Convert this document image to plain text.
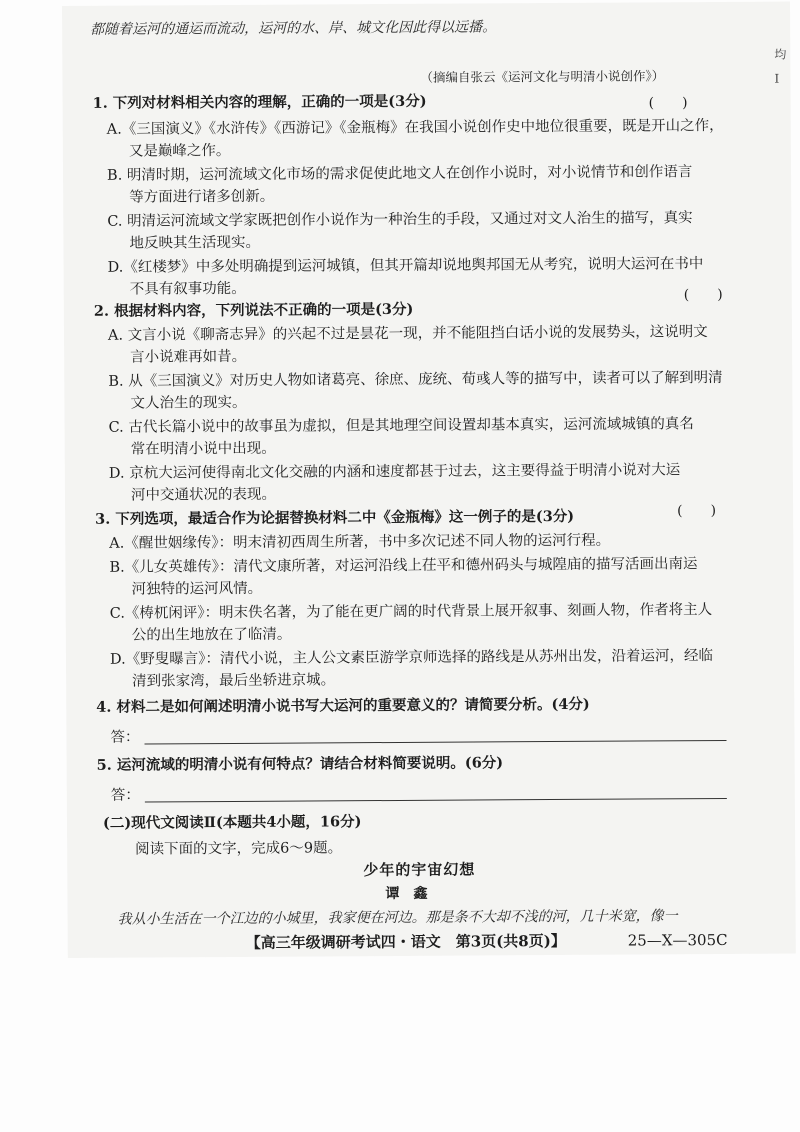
都随着运河的通运而流动，运河的水、岸、城文化因此得以远播。
均
I
（摘编自张云《运河文化与明清小说创作》）
1. 下列对材料相关内容的理解，正确的一项是(3分)	(　　)
A.《三国演义》《水浒传》《西游记》《金瓶梅》在我国小说创作史中地位很重要，既是开山之作，
又是巅峰之作。
B. 明清时期，运河流域文化市场的需求促使此地文人在创作小说时，对小说情节和创作语言
等方面进行诸多创新。
C. 明清运河流域文学家既把创作小说作为一种治生的手段，又通过对文人治生的描写，真实
地反映其生活现实。
D.《红楼梦》中多处明确提到运河城镇，但其开篇却说地舆邦国无从考究，说明大运河在书中
不具有叙事功能。
2. 根据材料内容，下列说法不正确的一项是(3分)
(　　)
A. 文言小说《聊斋志异》的兴起不过是昙花一现，并不能阻挡白话小说的发展势头，这说明文
言小说难再如昔。
B. 从《三国演义》对历史人物如诸葛亮、徐庶、庞统、荀彧人等的描写中，读者可以了解到明清
文人治生的现实。
C. 古代长篇小说中的故事虽为虚拟，但是其地理空间设置却基本真实，运河流域城镇的真名
常在明清小说中出现。
D. 京杭大运河使得南北文化交融的内涵和速度都甚于过去，这主要得益于明清小说对大运
河中交通状况的表现。
3. 下列选项，最适合作为论据替换材料二中《金瓶梅》这一例子的是(3分)	(　　)
A.《醒世姻缘传》：明末清初西周生所著，书中多次记述不同人物的运河行程。
B.《儿女英雄传》：清代文康所著，对运河沿线上茌平和德州码头与城隍庙的描写活画出南运
河独特的运河风情。
C.《梼杌闲评》：明末佚名著，为了能在更广阔的时代背景上展开叙事、刻画人物，作者将主人
公的出生地放在了临清。
D.《野叟曝言》：清代小说，主人公文素臣游学京师选择的路线是从苏州出发，沿着运河，经临
清到张家湾，最后坐轿进京城。
4. 材料二是如何阐述明清小说书写大运河的重要意义的？请简要分析。(4分)
答：
5. 运河流域的明清小说有何特点？请结合材料简要说明。(6分)
答：
(二)现代文阅读Ⅱ(本题共4小题，16分)
阅读下面的文字，完成6～9题。
少年的宇宙幻想
谭鑫
我从小生活在一个江边的小城里，我家便在河边。那是条不大却不浅的河，几十米宽，像一
【高三年级调研考试四・语文　第3页(共8页)】	25—X—305C
